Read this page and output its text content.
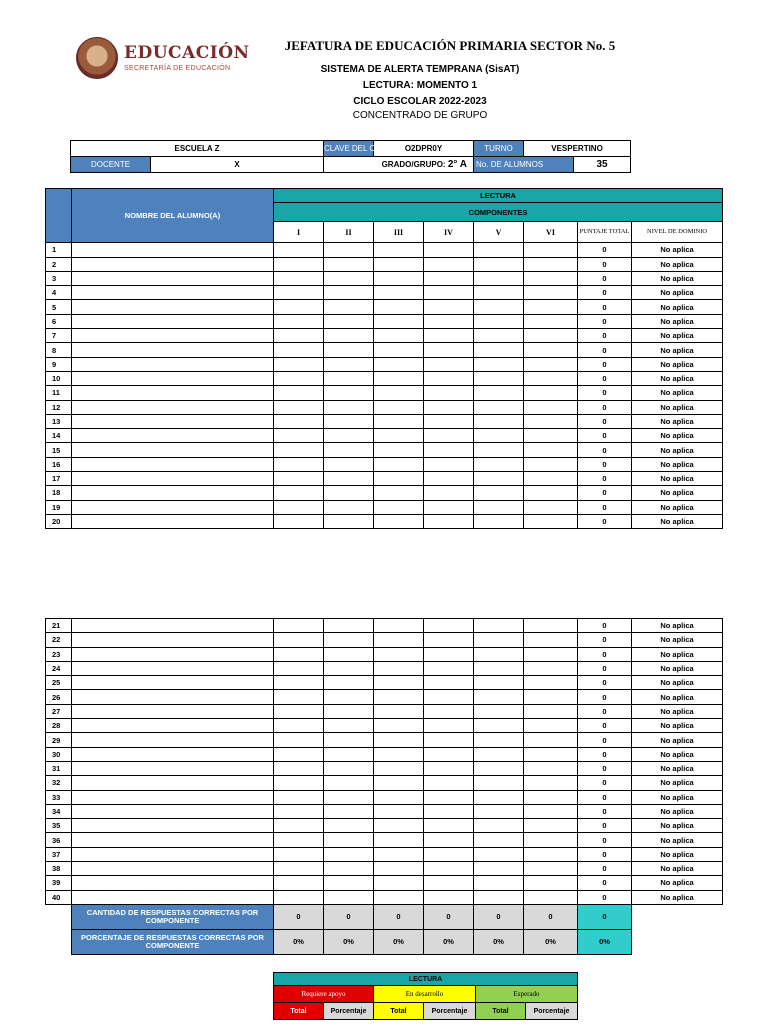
EDUCACIÓN
SECRETARÍA DE EDUCACIÓN
JEFATURA DE EDUCACIÓN PRIMARIA SECTOR No. 5
SISTEMA DE ALERTA TEMPRANA (SisAT)
LECTURA: MOMENTO 1
CICLO ESCOLAR 2022-2023
CONCENTRADO DE GRUPO
ESCUELA Z		CLAVE DEL CT	O2DPR0Y	TURNO	VESPERTINO	
DOCENTE	X	GRADO/GRUPO: 2° A		No. DE ALUMNOS		35
	NOMBRE DEL ALUMNO(A)	LECTURA							
		COMPONENTES							
		I	II	III	IV	V	VI	PUNTAJE TOTAL	NIVEL DE DOMINIO
1								0	No aplica
2								0	No aplica
3								0	No aplica
4								0	No aplica
5								0	No aplica
6								0	No aplica
7								0	No aplica
8								0	No aplica
9								0	No aplica
10								0	No aplica
11								0	No aplica
12								0	No aplica
13								0	No aplica
14								0	No aplica
15								0	No aplica
16								0	No aplica
17								0	No aplica
18								0	No aplica
19								0	No aplica
20								0	No aplica
21								0	No aplica
22								0	No aplica
23								0	No aplica
24								0	No aplica
25								0	No aplica
26								0	No aplica
27								0	No aplica
28								0	No aplica
29								0	No aplica
30								0	No aplica
31								0	No aplica
32								0	No aplica
33								0	No aplica
34								0	No aplica
35								0	No aplica
36								0	No aplica
37								0	No aplica
38								0	No aplica
39								0	No aplica
40								0	No aplica
	CANTIDAD DE RESPUESTAS CORRECTAS POR COMPONENTE	0	0	0	0	0	0	0	
	PORCENTAJE DE RESPUESTAS CORRECTAS POR COMPONENTE	0%	0%	0%	0%	0%	0%	0%	
LECTURA					
Requiere apoyo		En desarrollo		Esperado	
Total	Porcentaje	Total	Porcentaje	Total	Porcentaje
